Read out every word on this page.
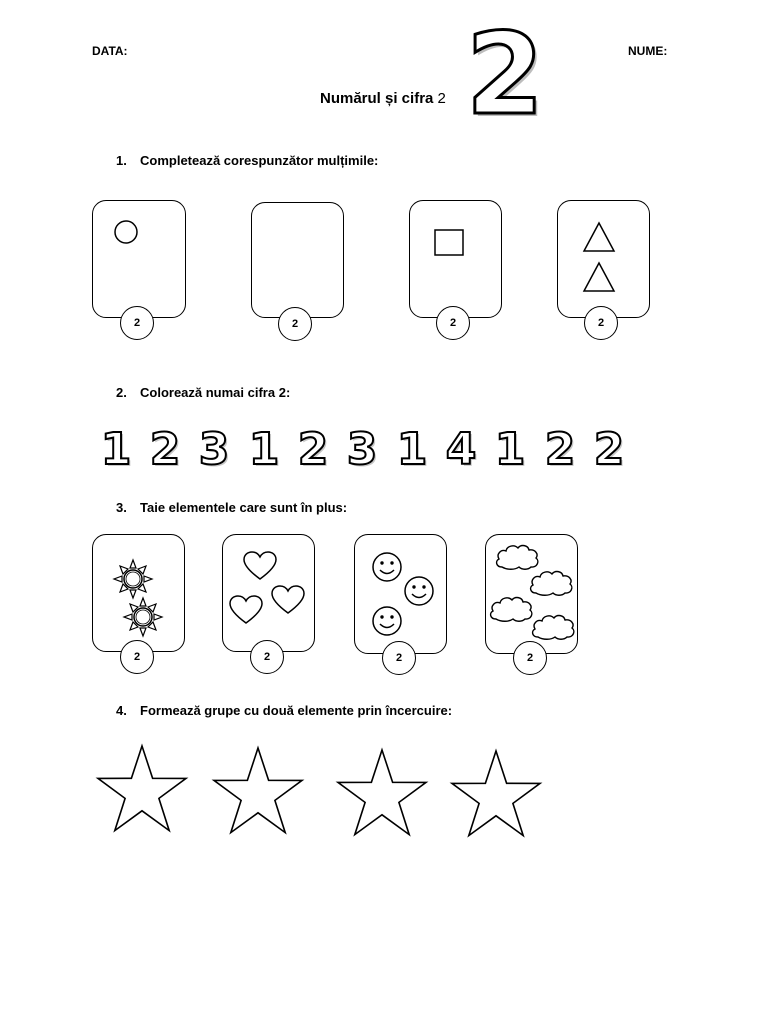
DATA:	NUME:
Numărul și cifra 2 2
1. Completează corespunzător mulțimile:
2	2	2	2
2. Colorează numai cifra 2:
1 2 3 1 2 3 1 4 1 2 2
3. Taie elementele care sunt în plus:
2	2	2	2
4. Formează grupe cu două elemente prin încercuire:
